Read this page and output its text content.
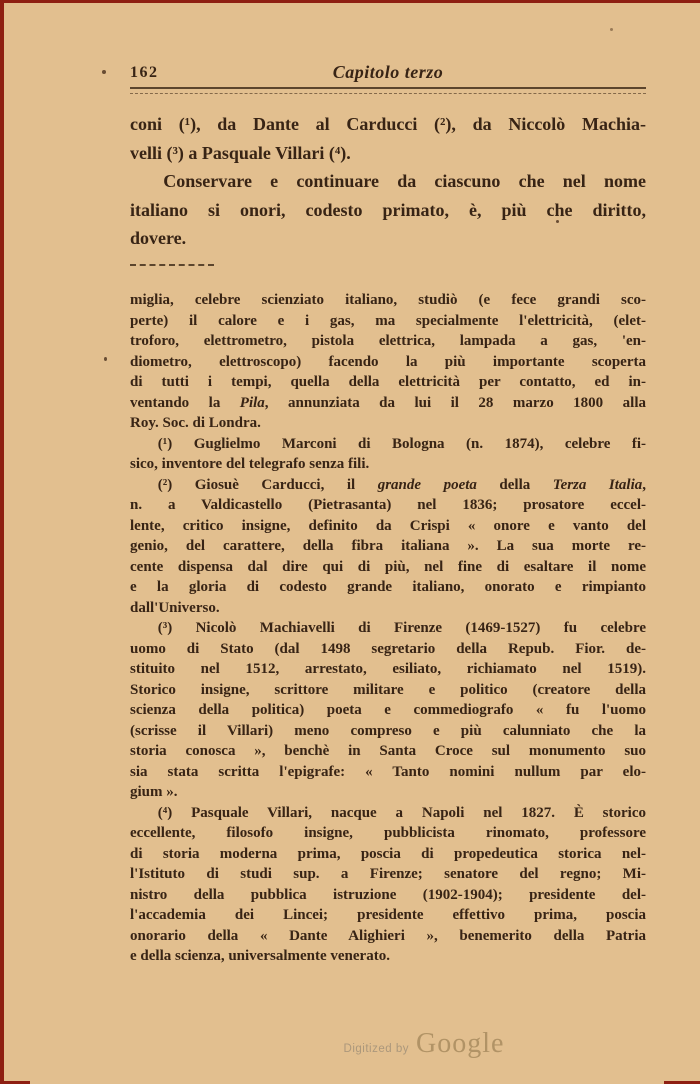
162	Capitolo terzo
coni (¹), da Dante al Carducci (²), da Niccolò Machia-
velli (³) a Pasquale Villari (⁴).
Conservare e continuare da ciascuno che nel nome
italiano si onori, codesto primato, è, più che diritto,
dovere.
miglia, celebre scienziato italiano, studiò (e fece grandi sco-
perte) il calore e i gas, ma specialmente l'elettricità, (elet-
troforo, elettrometro, pistola elettrica, lampada a gas, 'en-
diometro, elettroscopo) facendo la più importante scoperta
di tutti i tempi, quella della elettricità per contatto, ed in-
ventando la Pila, annunziata da lui il 28 marzo 1800 alla
Roy. Soc. di Londra.
(¹) Guglielmo Marconi di Bologna (n. 1874), celebre fi-
sico, inventore del telegrafo senza fili.
(²) Giosuè Carducci, il grande poeta della Terza Italia,
n. a Valdicastello (Pietrasanta) nel 1836; prosatore eccel-
lente, critico insigne, definito da Crispi « onore e vanto del
genio, del carattere, della fibra italiana ». La sua morte re-
cente dispensa dal dire qui di più, nel fine di esaltare il nome
e la gloria di codesto grande italiano, onorato e rimpianto
dall'Universo.
(³) Nicolò Machiavelli di Firenze (1469-1527) fu celebre
uomo di Stato (dal 1498 segretario della Repub. Fior. de-
stituito nel 1512, arrestato, esiliato, richiamato nel 1519).
Storico insigne, scrittore militare e politico (creatore della
scienza della politica) poeta e commediografo « fu l'uomo
(scrisse il Villari) meno compreso e più calunniato che la
storia conosca », benchè in Santa Croce sul monumento suo
sia stata scritta l'epigrafe: « Tanto nomini nullum par elo-
gium ».
(⁴) Pasquale Villari, nacque a Napoli nel 1827. È storico
eccellente, filosofo insigne, pubblicista rinomato, professore
di storia moderna prima, poscia di propedeutica storica nel-
l'Istituto di studi sup. a Firenze; senatore del regno; Mi-
nistro della pubblica istruzione (1902-1904); presidente del-
l'accademia dei Lincei; presidente effettivo prima, poscia
onorario della « Dante Alighieri », benemerito della Patria
e della scienza, universalmente venerato.
Digitized by Google
